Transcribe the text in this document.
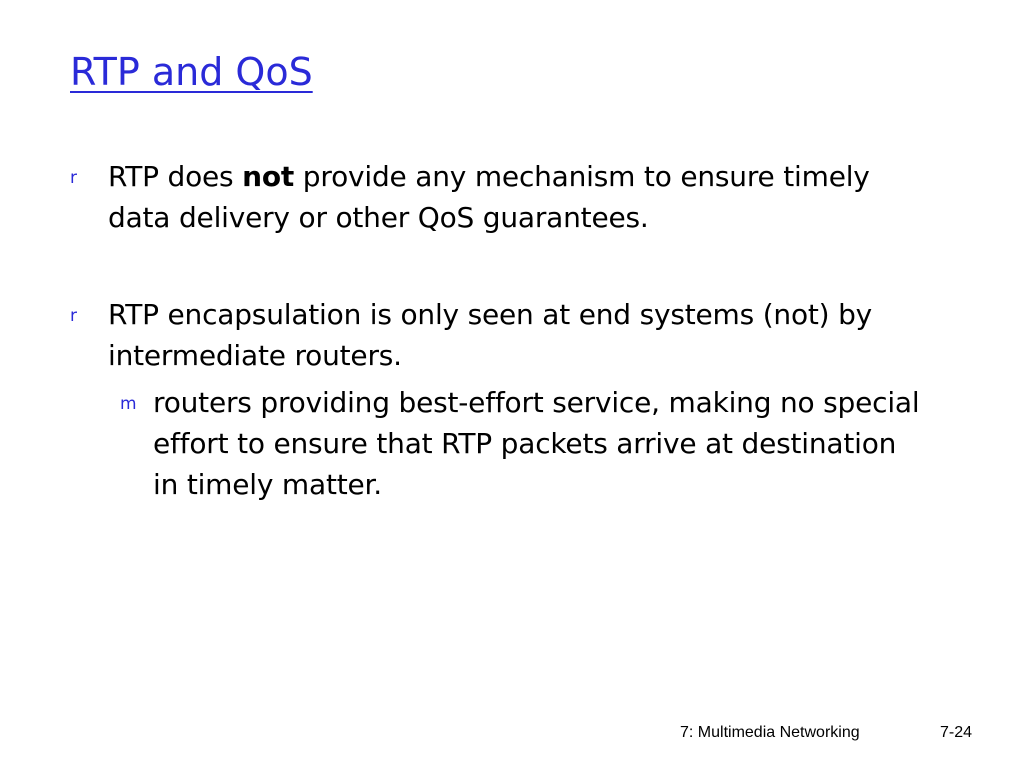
RTP and QoS
r	RTP does not provide any mechanism to ensure timely data delivery or other QoS guarantees.
r	RTP encapsulation is only seen at end systems (not) by intermediate routers.
m routers providing best-effort service, making no special effort to ensure that RTP packets arrive at destination in timely matter.
7: Multimedia Networking	7-24
